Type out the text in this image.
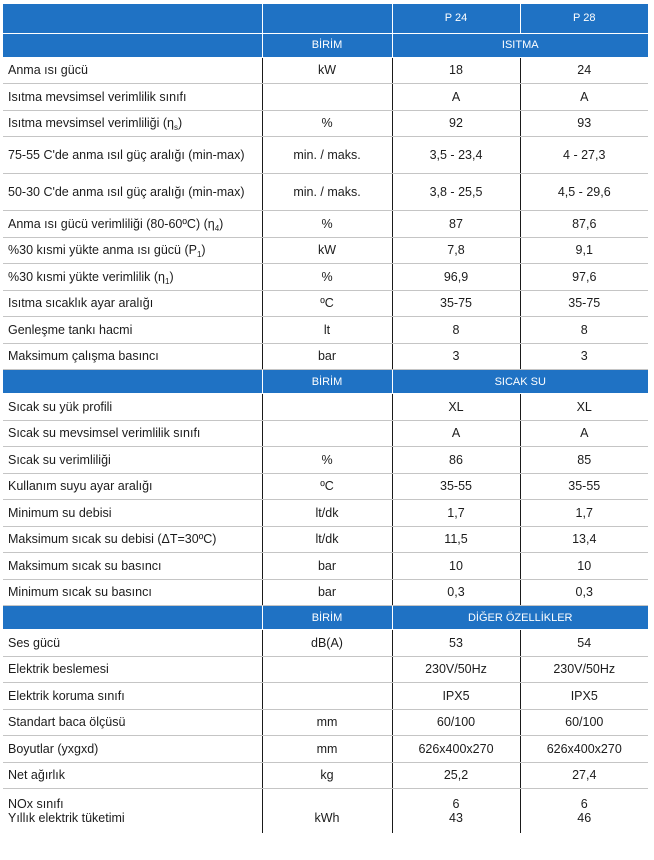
		P 24	P 28
	BİRİM	ISITMA	
Anma ısı gücü	kW	18	24
Isıtma mevsimsel verimlilik sınıfı		A	A
Isıtma mevsimsel verimliliği $(\eta_s)$	%	92	93
75-55 C'de anma ısıl güç aralığı (min-max)	min. / maks.	3,5 - 23,4	4 - 27,3
50-30 C'de anma ısıl güç aralığı (min-max)	min. / maks.	3,8 - 25,5	4,5 - 29,6
Anma ısı gücü verimliliği (80-60ºC) $(\eta_4)$	%	87	87,6
%30 kısmi yükte anma ısı gücü $(P_1)$	kW	7,8	9,1
%30 kısmi yükte verimlilik $(\eta_1)$	%	96,9	97,6
Isıtma sıcaklık ayar aralığı	ºC	35-75	35-75
Genleşme tankı hacmi	lt	8	8
Maksimum çalışma basıncı	bar	3	3
	BİRİM	SICAK SU	
Sıcak su yük profili		XL	XL
Sıcak su mevsimsel verimlilik sınıfı		A	A
Sıcak su verimliliği	%	86	85
Kullanım suyu ayar aralığı	ºC	35-55	35-55
Minimum su debisi	lt/dk	1,7	1,7
Maksimum sıcak su debisi (ΔT=30ºC)	lt/dk	11,5	13,4
Maksimum sıcak su basıncı	bar	10	10
Minimum sıcak su basıncı	bar	0,3	0,3
	BİRİM	DİĞER ÖZELLİKLER	
Ses gücü	dB(A)	53	54
Elektrik beslemesi		230V/50Hz	230V/50Hz
Elektrik koruma sınıfı		IPX5	IPX5
Standart baca ölçüsü	mm	60/100	60/100
Boyutlar (yxgxd)	mm	626x400x270	626x400x270
Net ağırlık	kg	25,2	27,4
NOx sınıfı		6	6
Yıllık elektrik tüketimi	kWh	43	46
